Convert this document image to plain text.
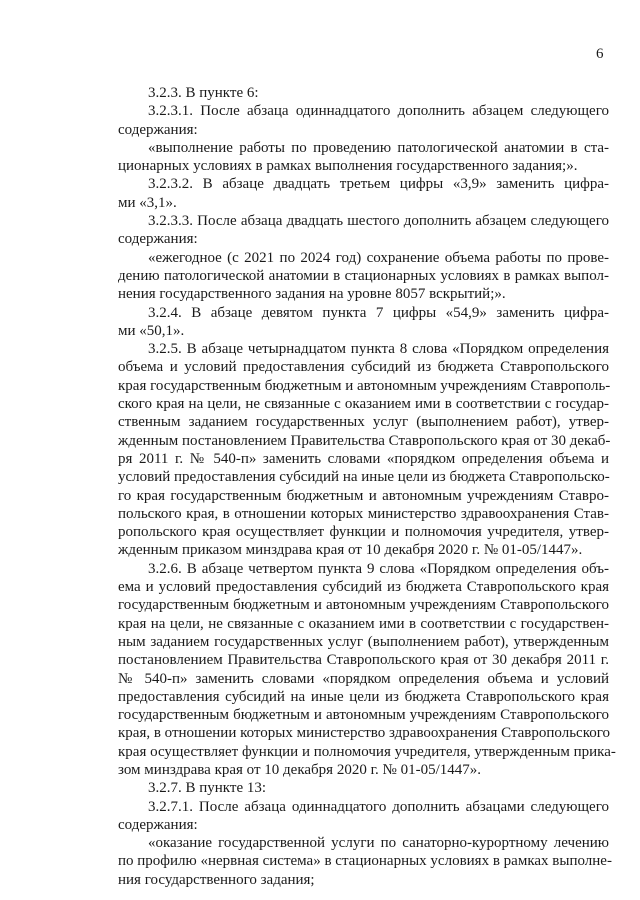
6
3.2.3. В пункте 6:
3.2.3.1. После абзаца одиннадцатого дополнить абзацем следующего
содержания:
«выполнение работы по проведению патологической анатомии в ста-
ционарных условиях в рамках выполнения государственного задания;».
3.2.3.2. В абзаце двадцать третьем цифры «3,9» заменить цифра-
ми «3,1».
3.2.3.3. После абзаца двадцать шестого дополнить абзацем следующего
содержания:
«ежегодное (с 2021 по 2024 год) сохранение объема работы по прове-
дению патологической анатомии в стационарных условиях в рамках выпол-
нения государственного задания на уровне 8057 вскрытий;».
3.2.4. В абзаце девятом пункта 7 цифры «54,9» заменить цифра-
ми «50,1».
3.2.5. В абзаце четырнадцатом пункта 8 слова «Порядком определения
объема и условий предоставления субсидий из бюджета Ставропольского
края государственным бюджетным и автономным учреждениям Ставрополь-
ского края на цели, не связанные с оказанием ими в соответствии с государ-
ственным заданием государственных услуг (выполнением работ), утвер-
жденным постановлением Правительства Ставропольского края от 30 декаб-
ря 2011 г. № 540-п» заменить словами «порядком определения объема и
условий предоставления субсидий на иные цели из бюджета Ставропольско-
го края государственным бюджетным и автономным учреждениям Ставро-
польского края, в отношении которых министерство здравоохранения Став-
ропольского края осуществляет функции и полномочия учредителя, утвер-
жденным приказом минздрава края от 10 декабря 2020 г. № 01-05/1447».
3.2.6. В абзаце четвертом пункта 9 слова «Порядком определения объ-
ема и условий предоставления субсидий из бюджета Ставропольского края
государственным бюджетным и автономным учреждениям Ставропольского
края на цели, не связанные с оказанием ими в соответствии с государствен-
ным заданием государственных услуг (выполнением работ), утвержденным
постановлением Правительства Ставропольского края от 30 декабря 2011 г.
№ 540-п» заменить словами «порядком определения объема и условий
предоставления субсидий на иные цели из бюджета Ставропольского края
государственным бюджетным и автономным учреждениям Ставропольского
края, в отношении которых министерство здравоохранения Ставропольского
края осуществляет функции и полномочия учредителя, утвержденным прика-
зом минздрава края от 10 декабря 2020 г. № 01-05/1447».
3.2.7. В пункте 13:
3.2.7.1. После абзаца одиннадцатого дополнить абзацами следующего
содержания:
«оказание государственной услуги по санаторно-курортному лечению
по профилю «нервная система» в стационарных условиях в рамках выполне-
ния государственного задания;
